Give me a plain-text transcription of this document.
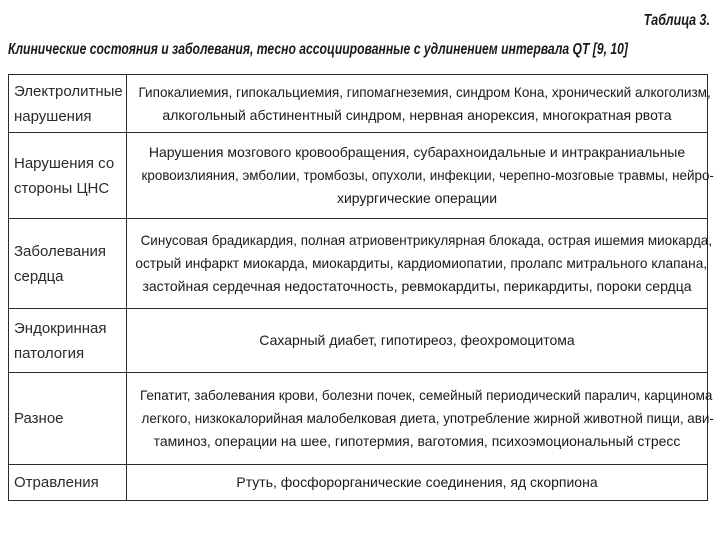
Таблица 3.
Клинические состояния и заболевания, тесно ассоциированные с удлинением интервала QT [9, 10]
Электролитные
нарушения	Гипокалиемия, гипокальциемия, гипомагнеземия, синдром Кона, хронический алкоголизм,
алкогольный абстинентный синдром, нервная анорексия, многократная рвота

Нарушения со
стороны ЦНС	Нарушения мозгового кровообращения, субарахноидальные и интракраниальные
кровоизлияния, эмболии, тромбозы, опухоли, инфекции, черепно-мозговые травмы, нейро-
хирургические операции

Заболевания
сердца	Синусовая брадикардия, полная атриовентрикулярная блокада, острая ишемия миокарда,
острый инфаркт миокарда, миокардиты, кардиомиопатии, пролапс митрального клапана,
застойная сердечная недостаточность, ревмокардиты, перикардиты, пороки сердца

Эндокринная
патология	Сахарный диабет, гипотиреоз, феохромоцитома

Разное	Гепатит, заболевания крови, болезни почек, семейный периодический паралич, карцинома
легкого, низкокалорийная малобелковая диета, употребление жирной животной пищи, ави-
таминоз, операции на шее, гипотермия, ваготомия, психоэмоциональный стресс

Отравления	Ртуть, фосфорорганические соединения, яд скорпиона
